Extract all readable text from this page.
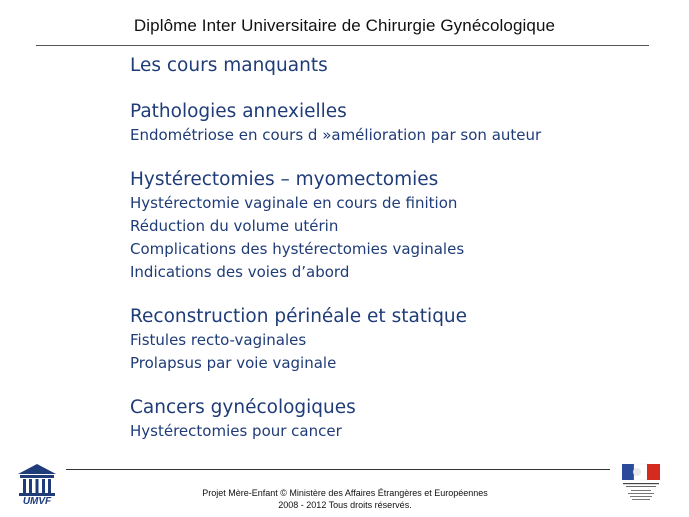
Diplôme Inter Universitaire de Chirurgie Gynécologique

Les cours manquants

Pathologies annexielles

Endométriose en cours d »amélioration par son auteur

Hystérectomies – myomectomies

Hystérectomie vaginale en cours de finition

Réduction du volume utérin

Complications des hystérectomies vaginales

Indications des voies d’abord

Reconstruction périnéale et statique

Fistules recto-vaginales

Prolapsus par voie vaginale

Cancers gynécologiques

Hystérectomies pour cancer

UMVF
Projet Mère-Enfant © Ministère des Affaires Étrangères et Européennes
2008 - 2012 Tous droits réservés.
